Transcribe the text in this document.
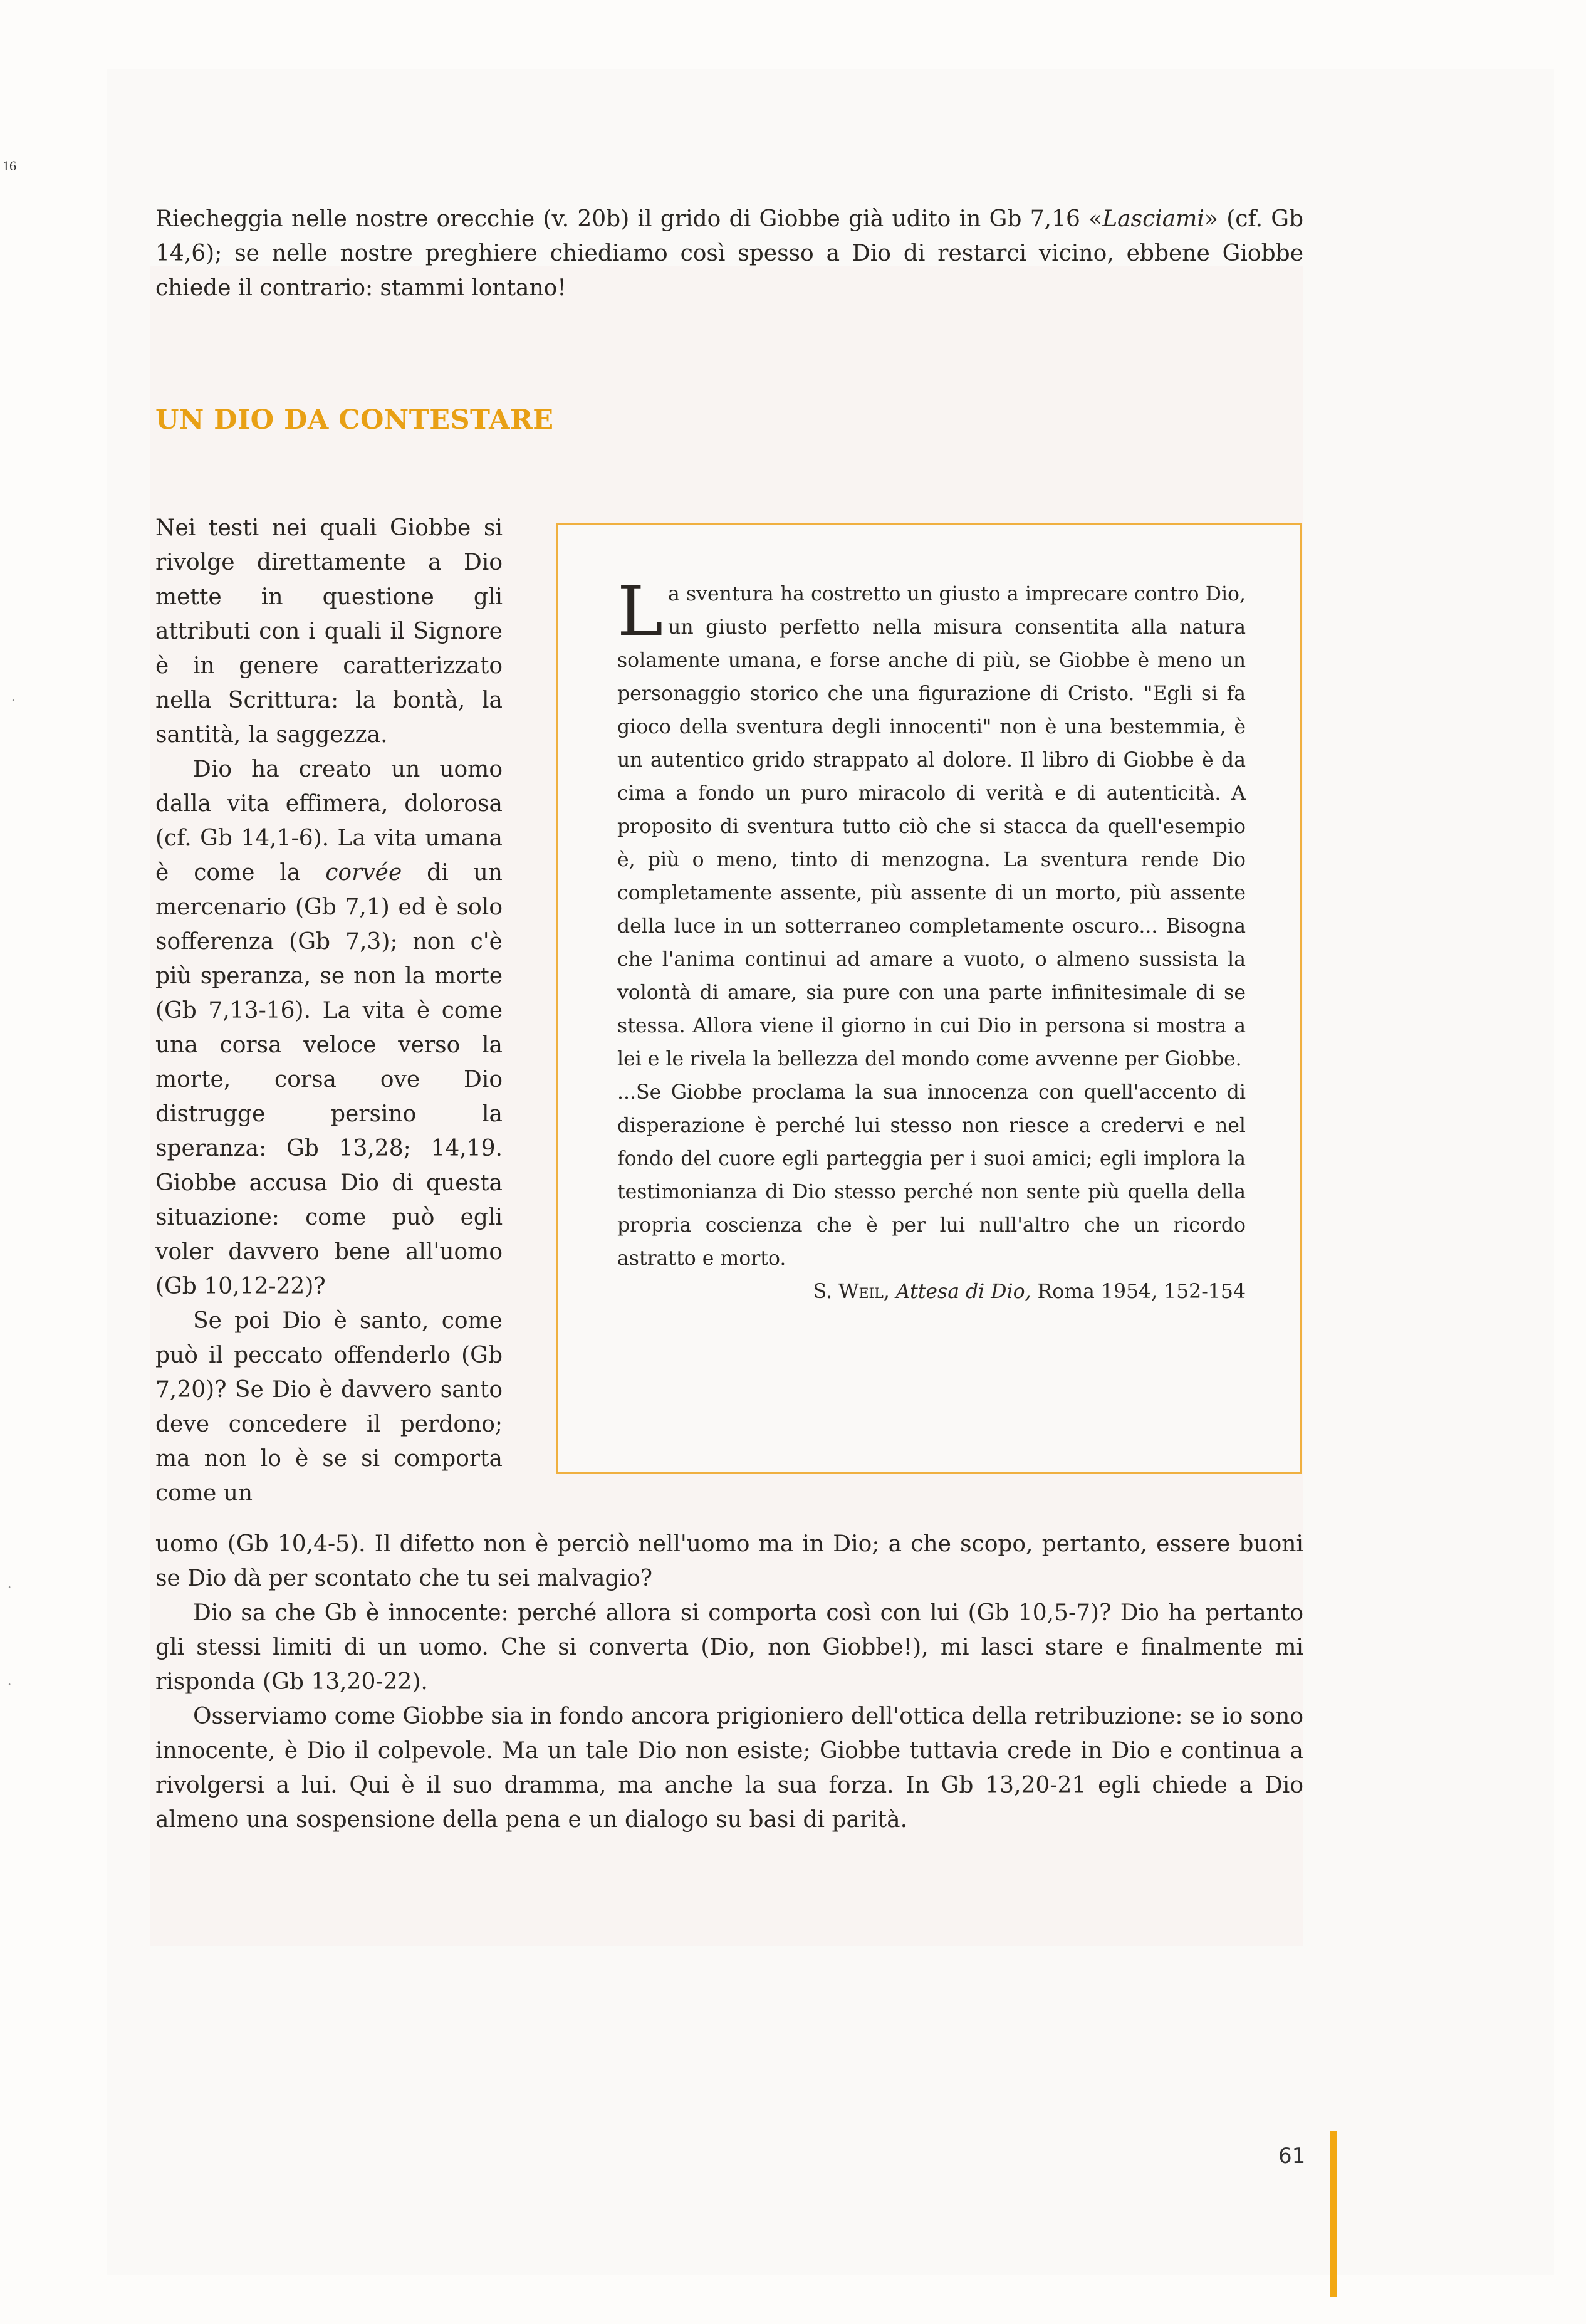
16
·
·
·

Riecheggia nelle nostre orecchie (v. 20b) il grido di Giobbe già udito in Gb 7,16 «Lasciami» (cf. Gb 14,6); se nelle nostre preghiere chiediamo così spesso a Dio di restarci vicino, ebbene Giobbe chiede il contrario: stammi lontano!

UN DIO DA CONTESTARE

Nei testi nei quali Giobbe si rivolge direttamente a Dio mette in questione gli attributi con i quali il Signore è in genere caratterizzato nella Scrittura: la bontà, la santità, la saggezza.

Dio ha creato un uomo dalla vita effimera, dolorosa (cf. Gb 14,1-6). La vita umana è come la corvée di un mercenario (Gb 7,1) ed è solo sofferenza (Gb 7,3); non c'è più speranza, se non la morte (Gb 7,13-16). La vita è come una corsa veloce verso la morte, corsa ove Dio distrugge persino la speranza: Gb 13,28; 14,19. Giobbe accusa Dio di questa situazione: come può egli voler davvero bene all'uomo (Gb 10,12-22)?

Se poi Dio è santo, come può il peccato offenderlo (Gb 7,20)? Se Dio è davvero santo deve concedere il perdono; ma non lo è se si comporta come un

La sventura ha costretto un giusto a imprecare contro Dio, un giusto perfetto nella misura consentita alla natura solamente umana, e forse anche di più, se Giobbe è meno un personaggio storico che una figurazione di Cristo. "Egli si fa gioco della sventura degli innocenti" non è una bestemmia, è un autentico grido strappato al dolore. Il libro di Giobbe è da cima a fondo un puro miracolo di verità e di autenticità. A proposito di sventura tutto ciò che si stacca da quell'esempio è, più o meno, tinto di menzogna. La sventura rende Dio completamente assente, più assente di un morto, più assente della luce in un sotterraneo completamente oscuro... Bisogna che l'anima continui ad amare a vuoto, o almeno sussista la volontà di amare, sia pure con una parte infinitesimale di se stessa. Allora viene il giorno in cui Dio in persona si mostra a lei e le rivela la bellezza del mondo come avvenne per Giobbe.

...Se Giobbe proclama la sua innocenza con quell'accento di disperazione è perché lui stesso non riesce a credervi e nel fondo del cuore egli parteggia per i suoi amici; egli implora la testimonianza di Dio stesso perché non sente più quella della propria coscienza che è per lui null'altro che un ricordo astratto e morto.

S. Weil, Attesa di Dio, Roma 1954, 152-154

uomo (Gb 10,4-5). Il difetto non è perciò nell'uomo ma in Dio; a che scopo, pertanto, essere buoni se Dio dà per scontato che tu sei malvagio?

Dio sa che Gb è innocente: perché allora si comporta così con lui (Gb 10,5-7)? Dio ha pertanto gli stessi limiti di un uomo. Che si converta (Dio, non Giobbe!), mi lasci stare e finalmente mi risponda (Gb 13,20-22).

Osserviamo come Giobbe sia in fondo ancora prigioniero dell'ottica della retribuzione: se io sono innocente, è Dio il colpevole. Ma un tale Dio non esiste; Giobbe tuttavia crede in Dio e continua a rivolgersi a lui. Qui è il suo dramma, ma anche la sua forza. In Gb 13,20-21 egli chiede a Dio almeno una sospensione della pena e un dialogo su basi di parità.

61
